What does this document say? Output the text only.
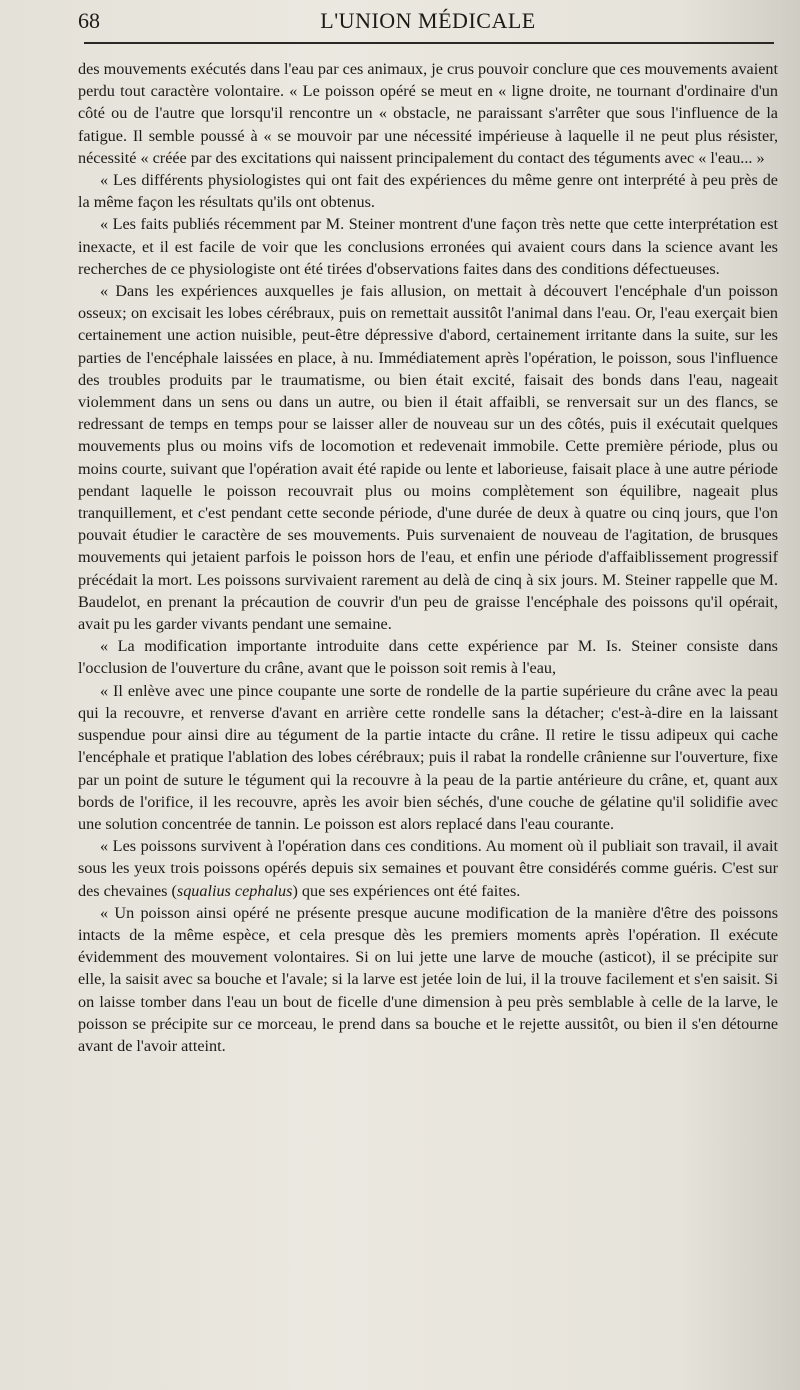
68	L'UNION MÉDICALE

des mouvements exécutés dans l'eau par ces animaux, je crus pouvoir conclure que ces mouvements avaient perdu tout caractère volontaire. « Le poisson opéré se meut en « ligne droite, ne tournant d'ordinaire d'un côté ou de l'autre que lorsqu'il rencontre un « obstacle, ne paraissant s'arrêter que sous l'influence de la fatigue. Il semble poussé à « se mouvoir par une nécessité impérieuse à laquelle il ne peut plus résister, nécessité « créée par des excitations qui naissent principalement du contact des téguments avec « l'eau... »

« Les différents physiologistes qui ont fait des expériences du même genre ont interprété à peu près de la même façon les résultats qu'ils ont obtenus.

« Les faits publiés récemment par M. Steiner montrent d'une façon très nette que cette interprétation est inexacte, et il est facile de voir que les conclusions erronées qui avaient cours dans la science avant les recherches de ce physiologiste ont été tirées d'observations faites dans des conditions défectueuses.

« Dans les expériences auxquelles je fais allusion, on mettait à découvert l'encéphale d'un poisson osseux; on excisait les lobes cérébraux, puis on remettait aussitôt l'animal dans l'eau. Or, l'eau exerçait bien certainement une action nuisible, peut-être dépressive d'abord, certainement irritante dans la suite, sur les parties de l'encéphale laissées en place, à nu. Immédiatement après l'opération, le poisson, sous l'influence des troubles produits par le traumatisme, ou bien était excité, faisait des bonds dans l'eau, nageait violemment dans un sens ou dans un autre, ou bien il était affaibli, se renversait sur un des flancs, se redressant de temps en temps pour se laisser aller de nouveau sur un des côtés, puis il exécutait quelques mouvements plus ou moins vifs de locomotion et redevenait immobile. Cette première période, plus ou moins courte, suivant que l'opération avait été rapide ou lente et laborieuse, faisait place à une autre période pendant laquelle le poisson recouvrait plus ou moins complètement son équilibre, nageait plus tranquillement, et c'est pendant cette seconde période, d'une durée de deux à quatre ou cinq jours, que l'on pouvait étudier le caractère de ses mouvements. Puis survenaient de nouveau de l'agitation, de brusques mouvements qui jetaient parfois le poisson hors de l'eau, et enfin une période d'affaiblissement progressif précédait la mort. Les poissons survivaient rarement au delà de cinq à six jours. M. Steiner rappelle que M. Baudelot, en prenant la précaution de couvrir d'un peu de graisse l'encéphale des poissons qu'il opérait, avait pu les garder vivants pendant une semaine.

« La modification importante introduite dans cette expérience par M. Is. Steiner consiste dans l'occlusion de l'ouverture du crâne, avant que le poisson soit remis à l'eau,

« Il enlève avec une pince coupante une sorte de rondelle de la partie supérieure du crâne avec la peau qui la recouvre, et renverse d'avant en arrière cette rondelle sans la détacher; c'est-à-dire en la laissant suspendue pour ainsi dire au tégument de la partie intacte du crâne. Il retire le tissu adipeux qui cache l'encéphale et pratique l'ablation des lobes cérébraux; puis il rabat la rondelle crânienne sur l'ouverture, fixe par un point de suture le tégument qui la recouvre à la peau de la partie antérieure du crâne, et, quant aux bords de l'orifice, il les recouvre, après les avoir bien séchés, d'une couche de gélatine qu'il solidifie avec une solution concentrée de tannin. Le poisson est alors replacé dans l'eau courante.

« Les poissons survivent à l'opération dans ces conditions. Au moment où il publiait son travail, il avait sous les yeux trois poissons opérés depuis six semaines et pouvant être considérés comme guéris. C'est sur des chevaines (squalius cephalus) que ses expériences ont été faites.

« Un poisson ainsi opéré ne présente presque aucune modification de la manière d'être des poissons intacts de la même espèce, et cela presque dès les premiers moments après l'opération. Il exécute évidemment des mouvement volontaires. Si on lui jette une larve de mouche (asticot), il se précipite sur elle, la saisit avec sa bouche et l'avale; si la larve est jetée loin de lui, il la trouve facilement et s'en saisit. Si on laisse tomber dans l'eau un bout de ficelle d'une dimension à peu près semblable à celle de la larve, le poisson se précipite sur ce morceau, le prend dans sa bouche et le rejette aussitôt, ou bien il s'en détourne avant de l'avoir atteint.
